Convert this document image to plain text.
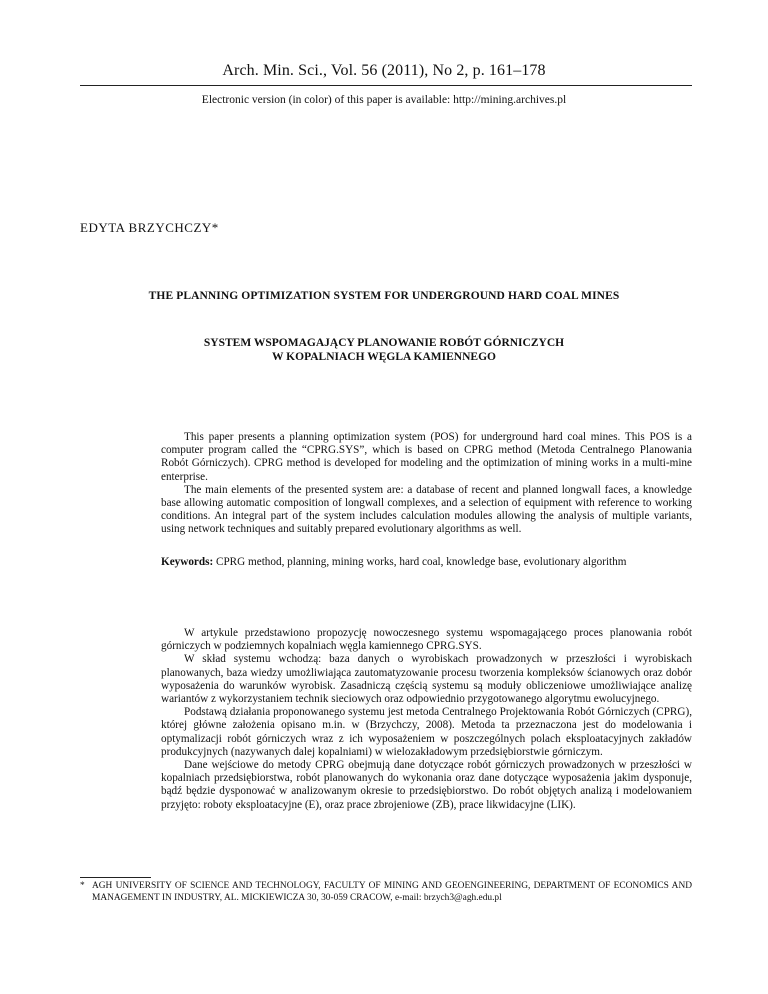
Arch. Min. Sci., Vol. 56 (2011), No 2, p. 161–178
Electronic version (in color) of this paper is available: http://mining.archives.pl
EDYTA BRZYCHCZY*
THE PLANNING OPTIMIZATION SYSTEM FOR UNDERGROUND HARD COAL MINES
SYSTEM WSPOMAGAJĄCY PLANOWANIE ROBÓT GÓRNICZYCH
W KOPALNIACH WĘGLA KAMIENNEGO

This paper presents a planning optimization system (POS) for underground hard coal mines. This POS is a computer program called the “CPRG.SYS”, which is based on CPRG method (Metoda Centralnego Planowania Robót Górniczych). CPRG method is developed for modeling and the optimization of mining works in a multi-mine enterprise.

The main elements of the presented system are: a database of recent and planned longwall faces, a knowledge base allowing automatic composition of longwall complexes, and a selection of equipment with reference to working conditions. An integral part of the system includes calculation modules allowing the analysis of multiple variants, using network techniques and suitably prepared evolutionary algorithms as well.

Keywords: CPRG method, planning, mining works, hard coal, knowledge base, evolutionary algorithm

W artykule przedstawiono propozycję nowoczesnego systemu wspomagającego proces planowania robót górniczych w podziemnych kopalniach węgla kamiennego CPRG.SYS.

W skład systemu wchodzą: baza danych o wyrobiskach prowadzonych w przeszłości i wyrobiskach planowanych, baza wiedzy umożliwiająca zautomatyzowanie procesu tworzenia kompleksów ścianowych oraz dobór wyposażenia do warunków wyrobisk. Zasadniczą częścią systemu są moduły obliczeniowe umożliwiające analizę wariantów z wykorzystaniem technik sieciowych oraz odpowiednio przygotowanego algorytmu ewolucyjnego.

Podstawą działania proponowanego systemu jest metoda Centralnego Projektowania Robót Górniczych (CPRG), której główne założenia opisano m.in. w (Brzychczy, 2008). Metoda ta przeznaczona jest do modelowania i optymalizacji robót górniczych wraz z ich wyposażeniem w poszczególnych polach eksploatacyjnych zakładów produkcyjnych (nazywanych dalej kopalniami) w wielozakładowym przedsiębiorstwie górniczym.

Dane wejściowe do metody CPRG obejmują dane dotyczące robót górniczych prowadzonych w przeszłości w kopalniach przedsiębiorstwa, robót planowanych do wykonania oraz dane dotyczące wyposażenia jakim dysponuje, bądź będzie dysponować w analizowanym okresie to przedsiębiorstwo. Do robót objętych analizą i modelowaniem przyjęto: roboty eksploatacyjne (E), oraz prace zbrojeniowe (ZB), prace likwidacyjne (LIK).

* AGH UNIVERSITY OF SCIENCE AND TECHNOLOGY, FACULTY OF MINING AND GEOENGINEERING, DEPARTMENT OF ECONOMICS AND MANAGEMENT IN INDUSTRY, AL. MICKIEWICZA 30, 30-059 CRACOW, e-mail: brzych3@agh.edu.pl
